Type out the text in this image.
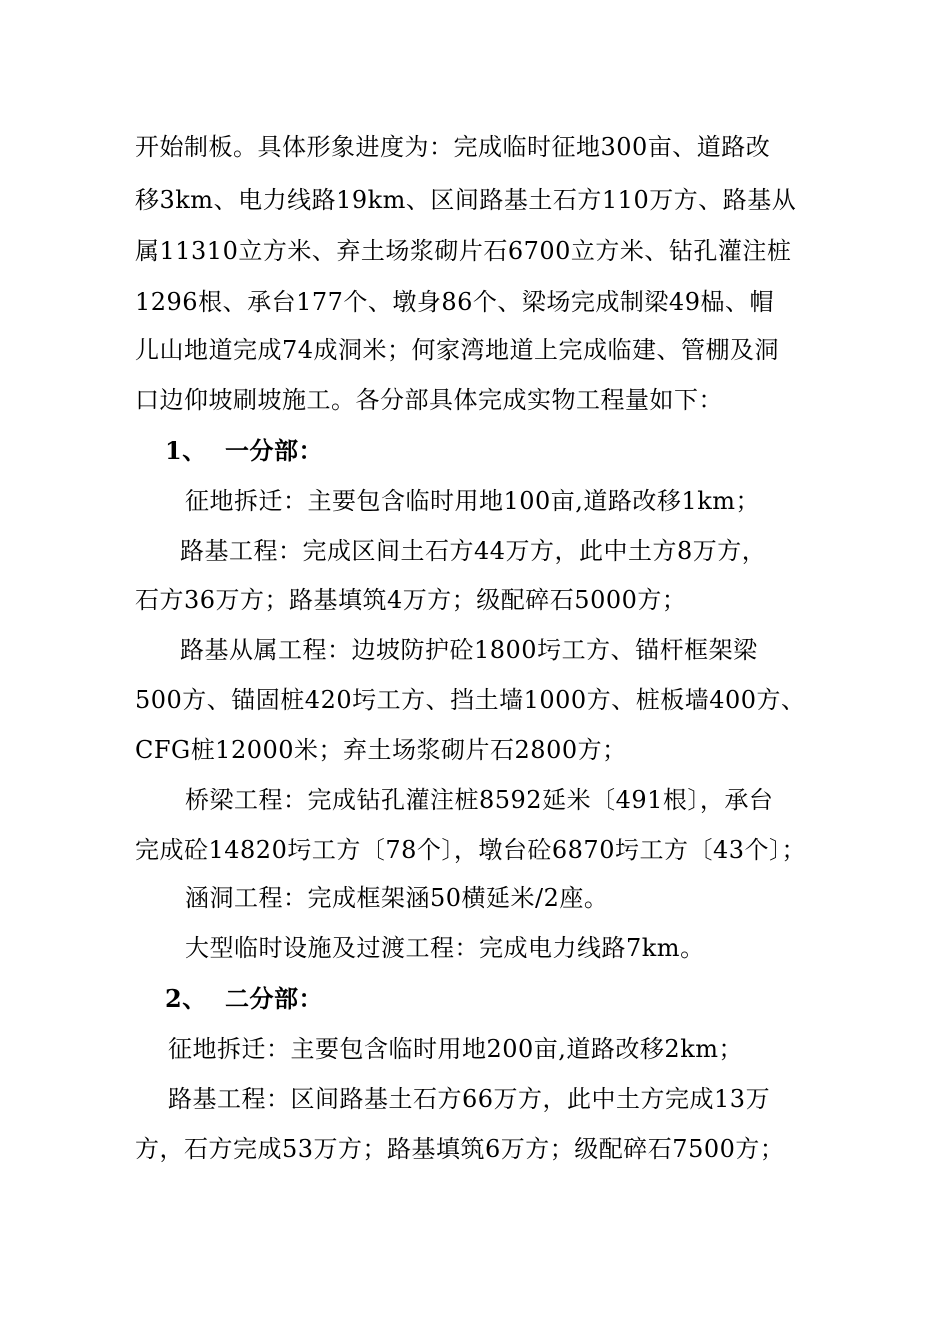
开始制板。具体形象进度为：完成临时征地300亩、道路改
移3km、电力线路19km、区间路基土石方110万方、路基从
属11310立方米、弃土场浆砌片石6700立方米、钻孔灌注桩
1296根、承台177个、墩身86个、梁场完成制梁49榀、帽
儿山地道完成74成洞米；何家湾地道上完成临建、管棚及洞
口边仰坡刷坡施工。各分部具体完成实物工程量如下：
1、 一分部：
征地拆迁：主要包含临时用地100亩,道路改移1km；
路基工程：完成区间土石方44万方，此中土方8万方，
石方36万方；路基填筑4万方；级配碎石5000方；
路基从属工程：边坡防护砼1800圬工方、锚杆框架梁
500方、锚固桩420圬工方、挡土墙1000方、桩板墙400方、
CFG桩12000米；弃土场浆砌片石2800方；
桥梁工程：完成钻孔灌注桩8592延米〔491根〕，承台
完成砼14820圬工方〔78个〕，墩台砼6870圬工方〔43个〕；
涵洞工程：完成框架涵50横延米/2座。
大型临时设施及过渡工程：完成电力线路7km。
2、 二分部：
征地拆迁：主要包含临时用地200亩,道路改移2km；
路基工程：区间路基土石方66万方，此中土方完成13万
方，石方完成53万方；路基填筑6万方；级配碎石7500方；
